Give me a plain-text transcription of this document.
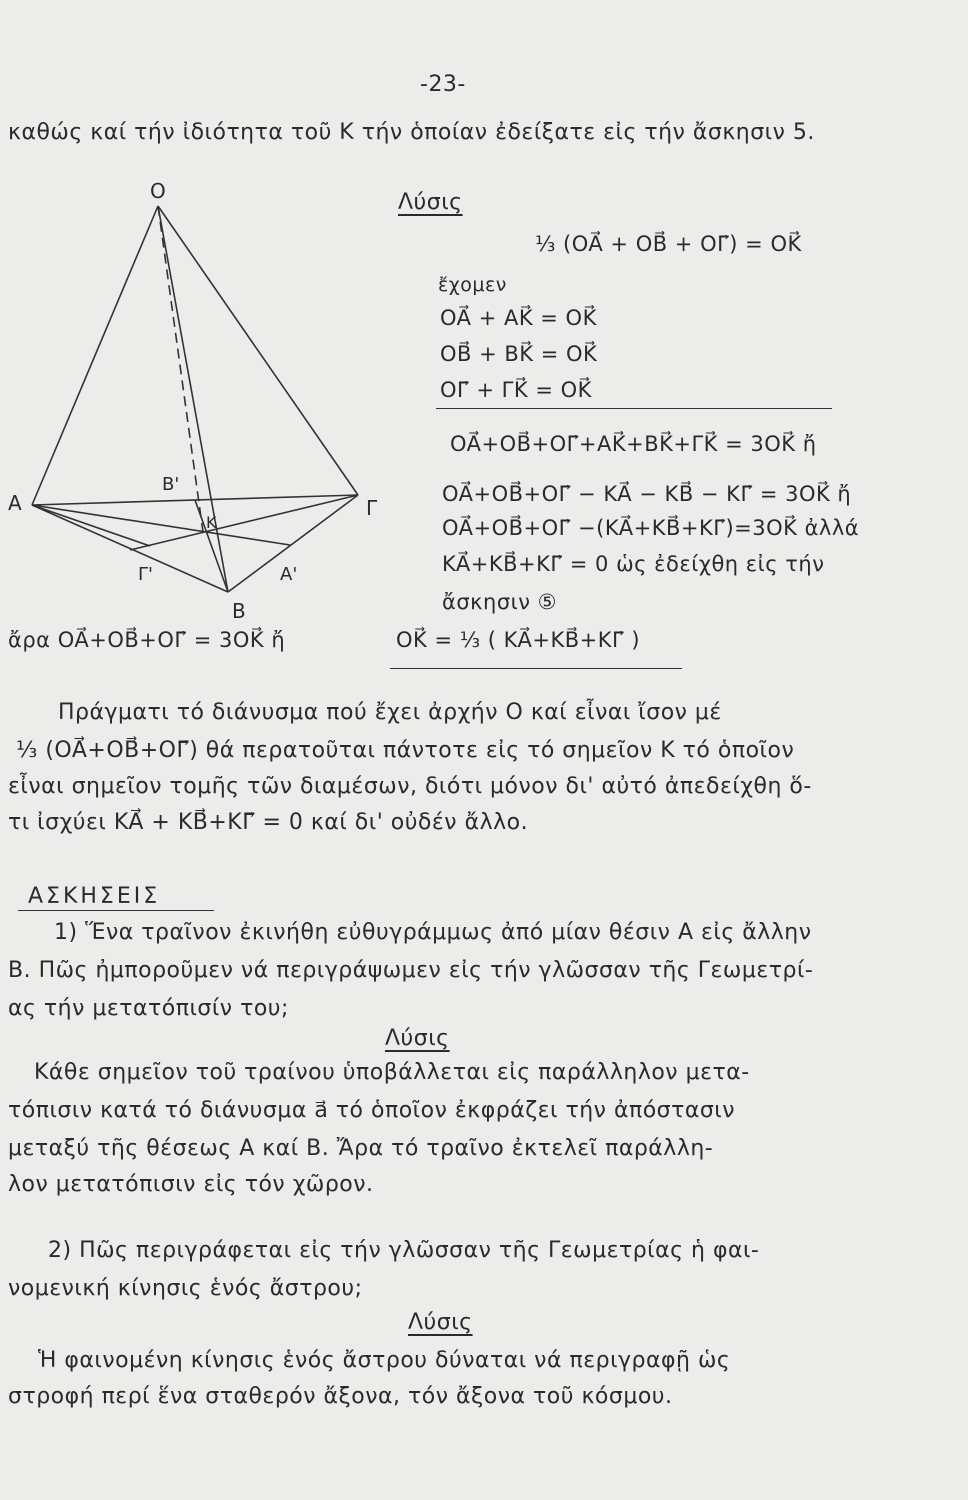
-23-
καθώς καί τήν ἰδιότητα τοῦ Κ τήν ὁποίαν ἐδείξατε εἰς τήν ἄσκησιν 5.
O
A	Γ
B
B'
Γ'	A'
K
Λύσις
⅓ (OA⃗ + OB⃗ + OΓ⃗) = OK⃗
ἔχομεν
OA⃗ + AK⃗ = OK⃗
OB⃗ + BK⃗ = OK⃗
OΓ⃗ + ΓK⃗ = OK⃗
OA⃗+OB⃗+OΓ⃗+AK⃗+BK⃗+ΓK⃗ = 3OK⃗ ἤ
OA⃗+OB⃗+OΓ⃗ − KA⃗ − KB⃗ − KΓ⃗ = 3OK⃗ ἤ
OA⃗+OB⃗+OΓ⃗ −(KA⃗+KB⃗+KΓ⃗)=3OK⃗ ἀλλά
KA⃗+KB⃗+KΓ⃗ = 0 ὡς ἐδείχθη εἰς τήν
ἄσκησιν ⑤
ἄρα OA⃗+OB⃗+OΓ⃗ = 3OK⃗ ἤ	OK⃗ = ⅓ ( KA⃗+KB⃗+KΓ⃗ )
Πράγματι τό διάνυσμα πού ἔχει ἀρχήν O καί εἶναι ἴσον μέ
⅓ (OA⃗+OB⃗+OΓ⃗) θά περατοῦται πάντοτε εἰς τό σημεῖον K τό ὁποῖον
εἶναι σημεῖον τομῆς τῶν διαμέσων, διότι μόνον δι' αὐτό ἀπεδείχθη ὅ-
τι ἰσχύει KA⃗ + KB⃗+KΓ⃗ = 0 καί δι' οὐδέν ἄλλο.
ΑΣΚΗΣΕΙΣ
1) Ἕνα τραῖνον ἐκινήθη εὐθυγράμμως ἀπό μίαν θέσιν A εἰς ἄλλην
B. Πῶς ἠμποροῦμεν νά περιγράψωμεν εἰς τήν γλῶσσαν τῆς Γεωμετρί-
ας τήν μετατόπισίν του;
Λύσις
Κάθε σημεῖον τοῦ τραίνου ὑποβάλλεται εἰς παράλληλον μετα-
τόπισιν κατά τό διάνυσμα a⃗ τό ὁποῖον ἐκφράζει τήν ἀπόστασιν
μεταξύ τῆς θέσεως A καί B. Ἄρα τό τραῖνο ἐκτελεῖ παράλλη-
λον μετατόπισιν εἰς τόν χῶρον.
2) Πῶς περιγράφεται εἰς τήν γλῶσσαν τῆς Γεωμετρίας ἡ φαι-
νομενική κίνησις ἑνός ἄστρου;
Λύσις
Ἡ φαινομένη κίνησις ἑνός ἄστρου δύναται νά περιγραφῇ ὡς
στροφή περί ἕνα σταθερόν ἄξονα, τόν ἄξονα τοῦ κόσμου.
